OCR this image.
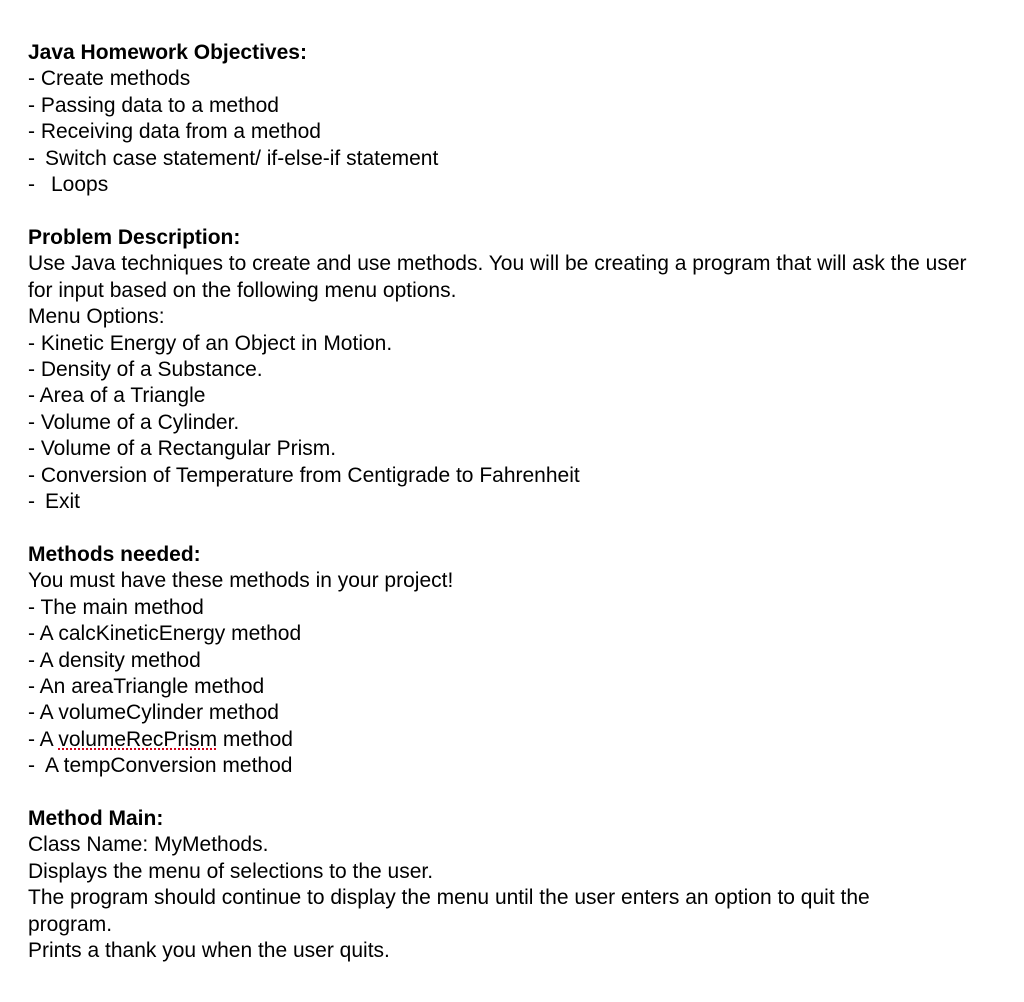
Java Homework Objectives:
- Create methods
- Passing data to a method
- Receiving data from a method
- Switch case statement/ if-else-if statement
- Loops
Problem Description:
Use Java techniques to create and use methods. You will be creating a program that will ask the user for input based on the following menu options.
Menu Options:
- Kinetic Energy of an Object in Motion.
- Density of a Substance.
- Area of a Triangle
- Volume of a Cylinder.
- Volume of a Rectangular Prism.
- Conversion of Temperature from Centigrade to Fahrenheit
- Exit
Methods needed:
You must have these methods in your project!
- The main method
- A calcKineticEnergy method
- A density method
- An areaTriangle method
- A volumeCylinder method
- A volumeRecPrism method
- A tempConversion method
Method Main:
Class Name: MyMethods.
Displays the menu of selections to the user.
The program should continue to display the menu until the user enters an option to quit the program.
Prints a thank you when the user quits.
